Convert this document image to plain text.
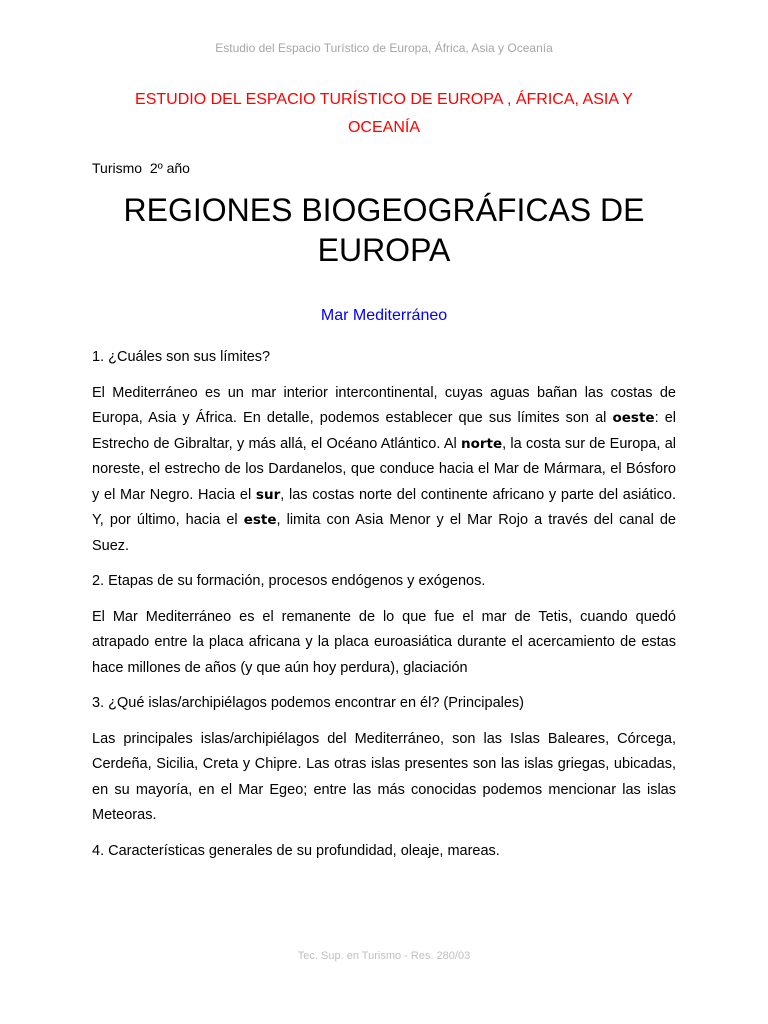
Estudio del Espacio Turístico de Europa, África, Asia y Oceanía
ESTUDIO DEL ESPACIO TURÍSTICO DE EUROPA , ÁFRICA, ASIA Y
OCEANÍA
Turismo  2º año
REGIONES BIOGEOGRÁFICAS DE
EUROPA
Mar Mediterráneo

1. ¿Cuáles son sus límites?

El Mediterráneo es un mar interior intercontinental, cuyas aguas bañan las costas de Europa, Asia y África. En detalle, podemos establecer que sus límites son al oeste: el Estrecho de Gibraltar, y más allá, el Océano Atlántico. Al norte, la costa sur de Europa, al noreste, el estrecho de los Dardanelos, que conduce hacia el Mar de Mármara, el Bósforo y el Mar Negro. Hacia el sur, las costas norte del continente africano y parte del asiático. Y, por último, hacia el este, limita con Asia Menor y el Mar Rojo a través del canal de Suez.

2. Etapas de su formación, procesos endógenos y exógenos.

El Mar Mediterráneo es el remanente de lo que fue el mar de Tetis, cuando quedó atrapado entre la placa africana y la placa euroasiática durante el acercamiento de estas hace millones de años (y que aún hoy perdura), glaciación

3. ¿Qué islas/archipiélagos podemos encontrar en él? (Principales)

Las principales islas/archipiélagos del Mediterráneo, son las Islas Baleares, Córcega, Cerdeña, Sicilia, Creta y Chipre. Las otras islas presentes son las islas griegas, ubicadas, en su mayoría, en el Mar Egeo; entre las más conocidas podemos mencionar las islas Meteoras.

4. Características generales de su profundidad, oleaje, mareas.

Tec. Sup. en Turismo - Res. 280/03
